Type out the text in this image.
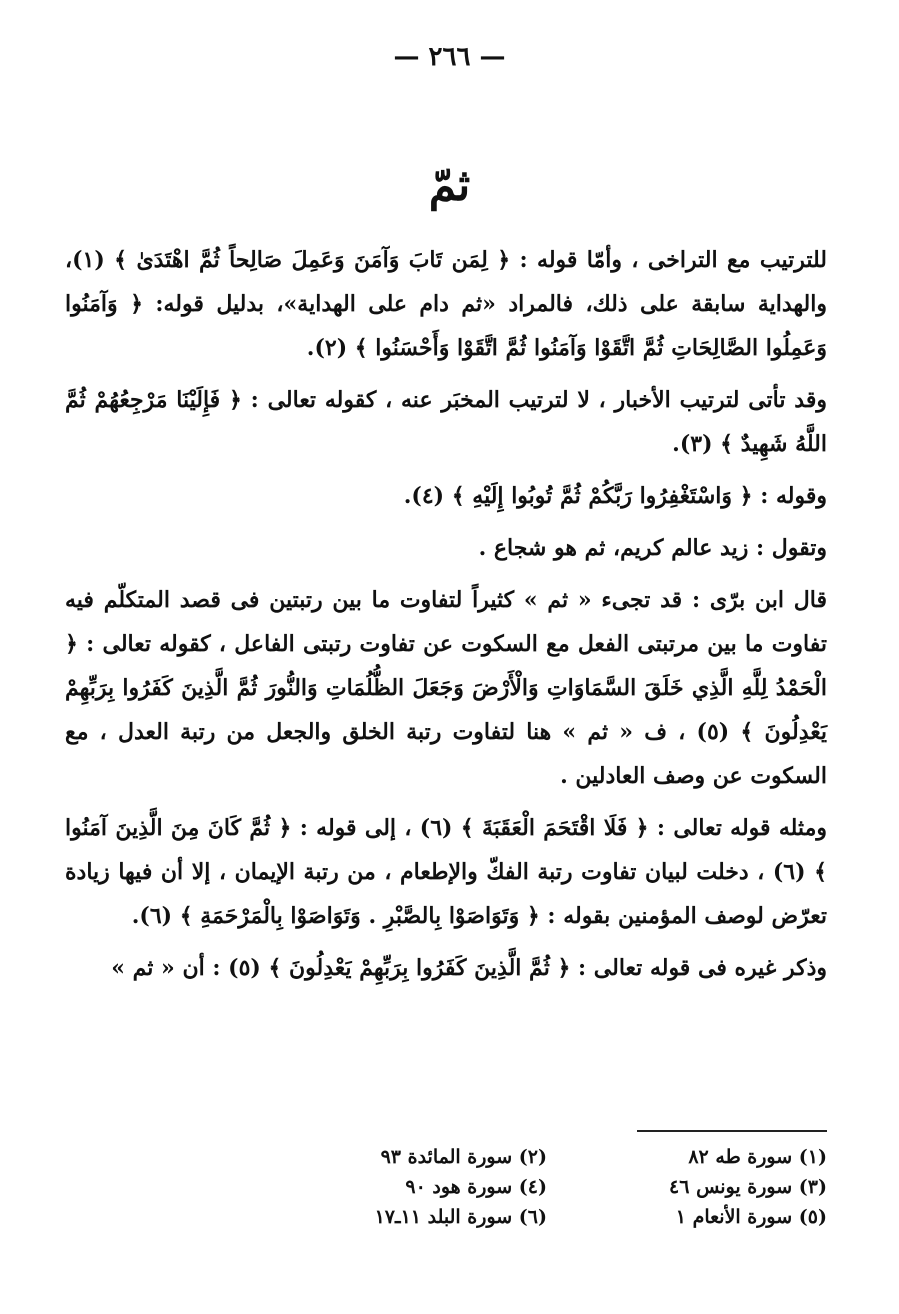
— ٢٦٦ —
ثمّ

للترتيب مع التراخى ، وأمّا قوله : ﴿ لِمَن تَابَ وَآمَنَ وَعَمِلَ صَالِحاً ثُمَّ اهْتَدَىٰ ﴾ (١)، والهداية سابقة على ذلك، فالمراد «ثم دام على الهداية»، بدليل قوله: ﴿ وَآمَنُوا وَعَمِلُوا الصَّالِحَاتِ ثُمَّ اتَّقَوْا وَآمَنُوا ثُمَّ اتَّقَوْا وَأَحْسَنُوا ﴾ (٢).

وقد تأتى لترتيب الأخبار ، لا لترتيب المخبَر عنه ، كقوله تعالى : ﴿ فَإِلَيْنَا مَرْجِعُهُمْ ثُمَّ اللَّهُ شَهِيدٌ ﴾ (٣).

وقوله : ﴿ وَاسْتَغْفِرُوا رَبَّكُمْ ثُمَّ تُوبُوا إِلَيْهِ ﴾ (٤).

وتقول : زيد عالم كريم، ثم هو شجاع .

قال ابن برّى : قد تجىء « ثم » كثيراً لتفاوت ما بين رتبتين فى قصد المتكلّم فيه تفاوت ما بين مرتبتى الفعل مع السكوت عن تفاوت رتبتى الفاعل ، كقوله تعالى : ﴿ الْحَمْدُ لِلَّهِ الَّذِي خَلَقَ السَّمَاوَاتِ وَالْأَرْضَ وَجَعَلَ الظُّلُمَاتِ وَالنُّورَ ثُمَّ الَّذِينَ كَفَرُوا بِرَبِّهِمْ يَعْدِلُونَ ﴾ (٥) ، ف « ثم » هنا لتفاوت رتبة الخلق والجعل من رتبة العدل ، مع السكوت عن وصف العادلين .

ومثله قوله تعالى : ﴿ فَلَا اقْتَحَمَ الْعَقَبَةَ ﴾ (٦) ، إلى قوله : ﴿ ثُمَّ كَانَ مِنَ الَّذِينَ آمَنُوا ﴾ (٦) ، دخلت لبيان تفاوت رتبة الفكّ والإطعام ، من رتبة الإيمان ، إلا أن فيها زيادة تعرّض لوصف المؤمنين بقوله : ﴿ وَتَوَاصَوْا بِالصَّبْرِ . وَتَوَاصَوْا بِالْمَرْحَمَةِ ﴾ (٦).

وذكر غيره فى قوله تعالى : ﴿ ثُمَّ الَّذِينَ كَفَرُوا بِرَبِّهِمْ يَعْدِلُونَ ﴾ (٥) : أن « ثم »

(١) سورة طه ٨٢
(٢) سورة المائدة ٩٣
(٣) سورة يونس ٤٦
(٤) سورة هود ٩٠
(٥) سورة الأنعام ١
(٦) سورة البلد ١١ـ١٧
